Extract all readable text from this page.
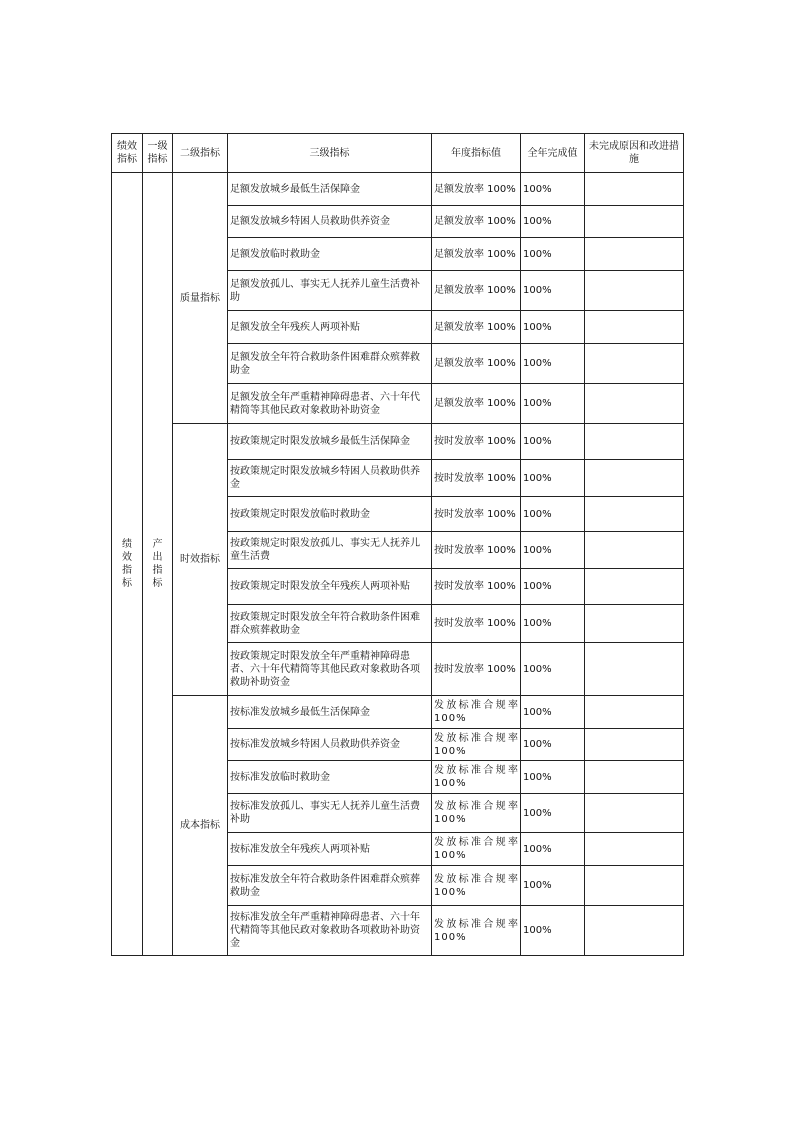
绩效指标	一级指标	二级指标	三级指标	年度指标值	全年完成值	未完成原因和改进措施
绩效指标	产出指标	质量指标	足额发放城乡最低生活保障金	足额发放率 100%	100%	
			足额发放城乡特困人员救助供养资金	足额发放率 100%	100%	
			足额发放临时救助金	足额发放率 100%	100%	
			足额发放孤儿、事实无人抚养儿童生活费补助	足额发放率 100%	100%	
			足额发放全年残疾人两项补贴	足额发放率 100%	100%	
			足额发放全年符合救助条件困难群众殡葬救助金	足额发放率 100%	100%	
			足额发放全年严重精神障碍患者、六十年代精简等其他民政对象救助补助资金	足额发放率 100%	100%	
		时效指标	按政策规定时限发放城乡最低生活保障金	按时发放率 100%	100%	
			按政策规定时限发放城乡特困人员救助供养金	按时发放率 100%	100%	
			按政策规定时限发放临时救助金	按时发放率 100%	100%	
			按政策规定时限发放孤儿、事实无人抚养儿童生活费	按时发放率 100%	100%	
			按政策规定时限发放全年残疾人两项补贴	按时发放率 100%	100%	
			按政策规定时限发放全年符合救助条件困难群众殡葬救助金	按时发放率 100%	100%	
			按政策规定时限发放全年严重精神障碍患者、六十年代精简等其他民政对象救助各项救助补助资金	按时发放率 100%	100%	
		成本指标	按标准发放城乡最低生活保障金	发放标准合规率100%	100%	
			按标准发放城乡特困人员救助供养资金	发放标准合规率100%	100%	
			按标准发放临时救助金	发放标准合规率100%	100%	
			按标准发放孤儿、事实无人抚养儿童生活费补助	发放标准合规率100%	100%	
			按标准发放全年残疾人两项补贴	发放标准合规率100%	100%	
			按标准发放全年符合救助条件困难群众殡葬救助金	发放标准合规率100%	100%	
			按标准发放全年严重精神障碍患者、六十年代精简等其他民政对象救助各项救助补助资金	发放标准合规率100%	100%	
